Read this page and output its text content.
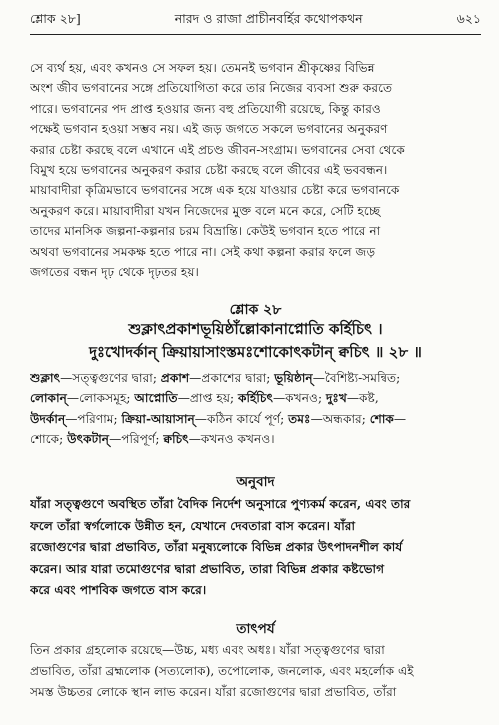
শ্লোক ২৮]	নারদ ও রাজা প্রাচীনবর্হির কথোপকথন	৬২১
সে ব্যর্থ হয়, এবং কখনও সে সফল হয়। তেমনই ভগবান শ্রীকৃষ্ণের বিভিন্ন
অংশ জীব ভগবানের সঙ্গে প্রতিযোগিতা করে তার নিজের ব্যবসা শুরু করতে
পারে। ভগবানের পদ প্রাপ্ত হওয়ার জন্য বহু প্রতিযোগী রয়েছে, কিন্তু কারও
পক্ষেই ভগবান হওয়া সম্ভব নয়। এই জড় জগতে সকলে ভগবানের অনুকরণ
করার চেষ্টা করছে বলে এখানে এই প্রচণ্ড জীবন-সংগ্রাম। ভগবানের সেবা থেকে
বিমুখ হয়ে ভগবানের অনুকরণ করার চেষ্টা করছে বলে জীবের এই ভববন্ধন।
মায়াবাদীরা কৃত্রিমভাবে ভগবানের সঙ্গে এক হয়ে যাওয়ার চেষ্টা করে ভগবানকে
অনুকরণ করে। মায়াবাদীরা যখন নিজেদের মুক্ত বলে মনে করে, সেটি হচ্ছে
তাদের মানসিক জল্পনা-কল্পনার চরম বিভ্রান্তি। কেউই ভগবান হতে পারে না
অথবা ভগবানের সমকক্ষ হতে পারে না। সেই কথা কল্পনা করার ফলে জড়
জগতের বন্ধন দৃঢ় থেকে দৃঢ়তর হয়।
শ্লোক ২৮
শুক্লাৎপ্রকাশভূয়িষ্ঠাঁল্লোকানাপ্নোতি কর্হিচিৎ ।
দুঃখোদর্কান্ ক্রিয়ায়াসাংস্তমঃশোকোৎকটান্ ক্বচিৎ ॥ ২৮ ॥
শুক্লাৎ—সত্ত্বগুণের দ্বারা; প্রকাশ—প্রকাশের দ্বারা; ভূয়িষ্ঠান্—বৈশিষ্ট্য-সমন্বিত;
লোকান্—লোকসমূহ; আপ্নোতি—প্রাপ্ত হয়; কর্হিচিৎ—কখনও; দুঃখ—কষ্ট,
উদর্কান্—পরিণাম; ক্রিয়া-আয়াসান্—কঠিন কার্যে পূর্ণ; তমঃ—অন্ধকার; শোক—
শোকে; উৎকটান্—পরিপূর্ণ; ক্বচিৎ—কখনও কখনও।
অনুবাদ
যাঁরা সত্ত্বগুণে অবস্থিত তাঁরা বৈদিক নির্দেশ অনুসারে পুণ্যকর্ম করেন, এবং তার
ফলে তাঁরা স্বর্গলোকে উন্নীত হন, যেখানে দেবতারা বাস করেন। যাঁরা
রজোগুণের দ্বারা প্রভাবিত, তাঁরা মনুষ্যলোকে বিভিন্ন প্রকার উৎপাদনশীল কার্য
করেন। আর যারা তমোগুণের দ্বারা প্রভাবিত, তারা বিভিন্ন প্রকার কষ্টভোগ
করে এবং পাশবিক জগতে বাস করে।
তাৎপর্য
তিন প্রকার গ্রহলোক রয়েছে—উচ্চ, মধ্য এবং অধঃ। যাঁরা সত্ত্বগুণের দ্বারা
প্রভাবিত, তাঁরা ব্রহ্মলোক (সত্যলোক), তপোলোক, জনলোক, এবং মহর্লোক এই
সমস্ত উচ্চতর লোকে স্থান লাভ করেন। যাঁরা রজোগুণের দ্বারা প্রভাবিত, তাঁরা
